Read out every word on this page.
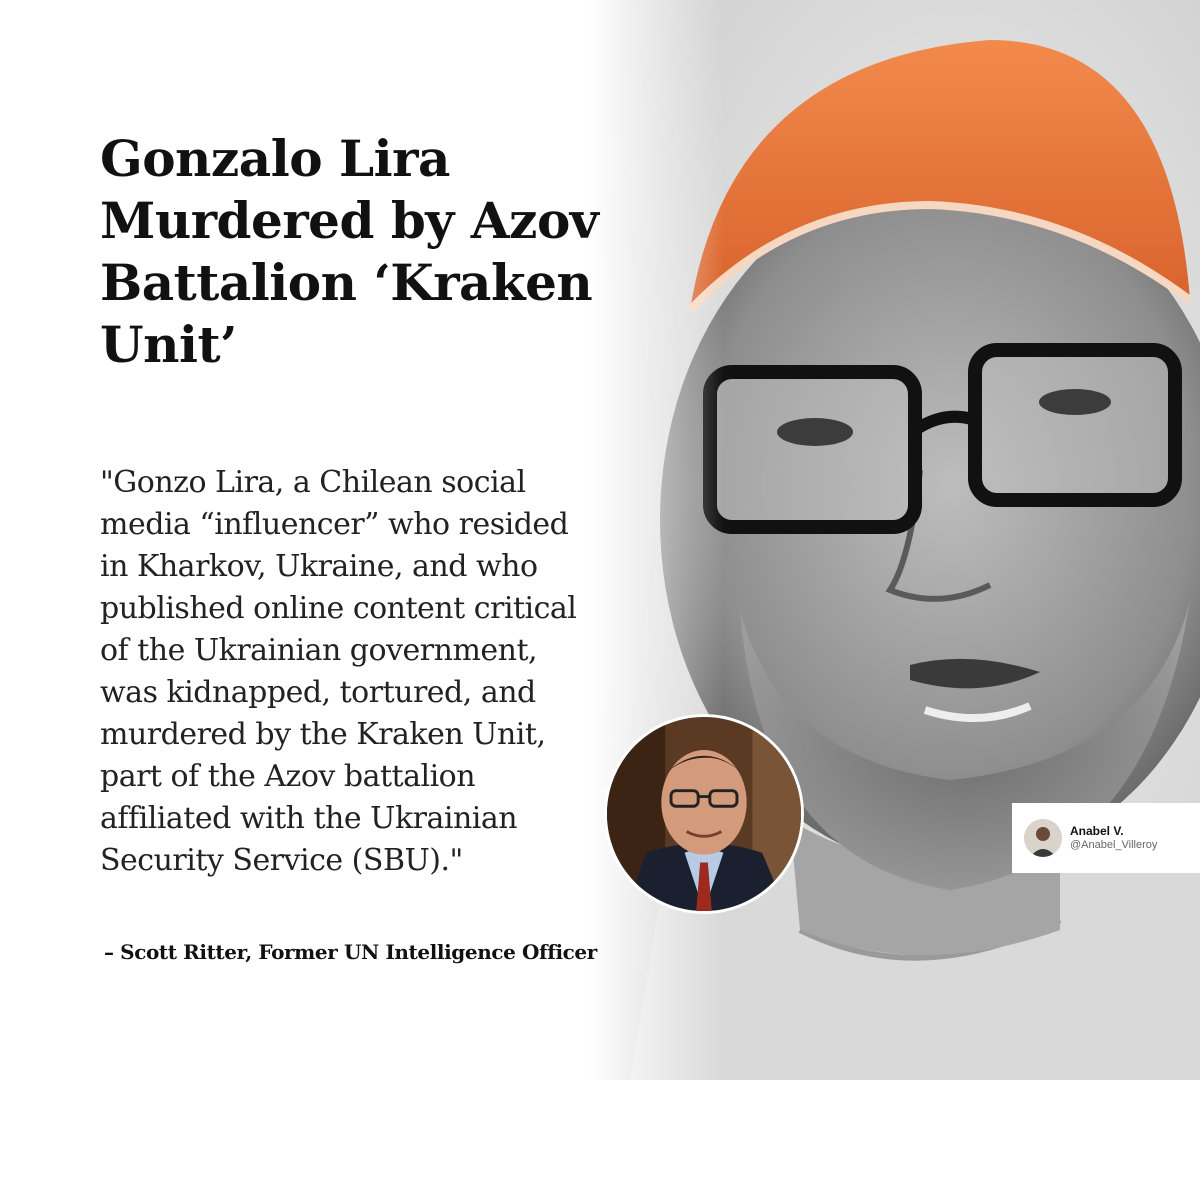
Gonzalo Lira
Murdered by Azov
Battalion ‘Kraken
Unit’

"Gonzo Lira, a Chilean social
media “influencer” who resided
in Kharkov, Ukraine, and who
published online content critical
of the Ukrainian government,
was kidnapped, tortured, and
murdered by the Kraken Unit,
part of the Azov battalion
affiliated with the Ukrainian
Security Service (SBU)."

– Scott Ritter, Former UN Intelligence Officer

Anabel V.
@Anabel_Villeroy
